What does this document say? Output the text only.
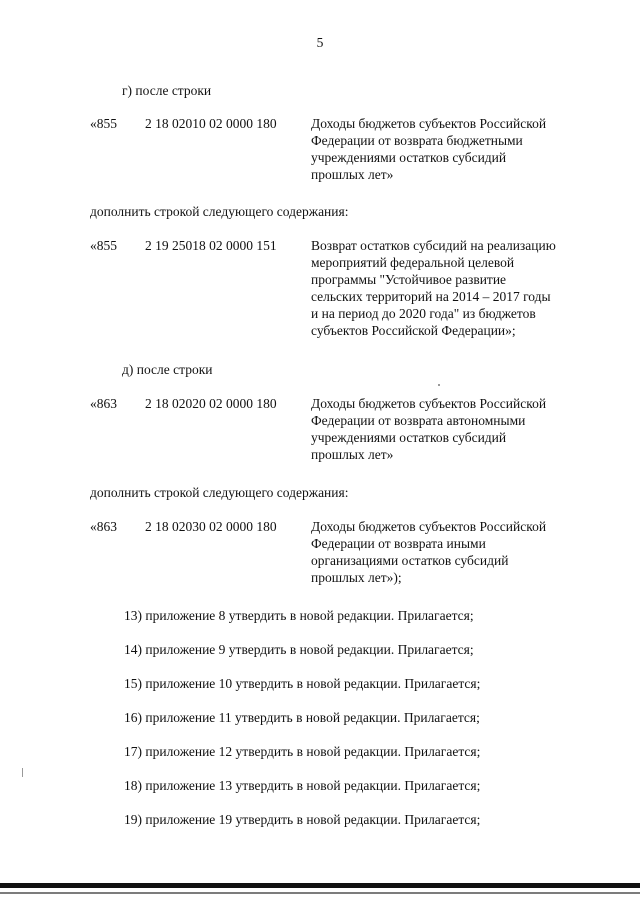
5
г) после строки
«855 2 18 02010 02 0000 180	Доходы бюджетов субъектов Российской
Федерации от возврата бюджетными
учреждениями остатков субсидий
прошлых лет»
дополнить строкой следующего содержания:
«855 2 19 25018 02 0000 151	Возврат остатков субсидий на реализацию
мероприятий федеральной целевой
программы "Устойчивое развитие
сельских территорий на 2014 – 2017 годы
и на период до 2020 года" из бюджетов
субъектов Российской Федерации»;
д) после строки
«863 2 18 02020 02 0000 180	Доходы бюджетов субъектов Российской
Федерации от возврата автономными
учреждениями остатков субсидий
прошлых лет»
дополнить строкой следующего содержания:
«863 2 18 02030 02 0000 180	Доходы бюджетов субъектов Российской
Федерации от возврата иными
организациями остатков субсидий
прошлых лет»);
13) приложение 8 утвердить в новой редакции. Прилагается;
14) приложение 9 утвердить в новой редакции. Прилагается;
15) приложение 10 утвердить в новой редакции. Прилагается;
16) приложение 11 утвердить в новой редакции. Прилагается;
17) приложение 12 утвердить в новой редакции. Прилагается;
18) приложение 13 утвердить в новой редакции. Прилагается;
19) приложение 19 утвердить в новой редакции. Прилагается;
